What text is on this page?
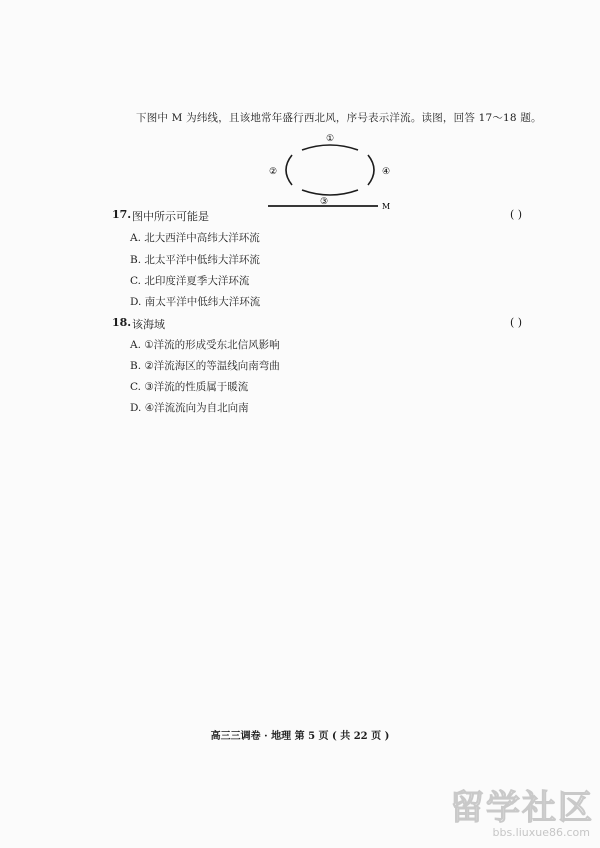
下图中 M 为纬线，且该地常年盛行西北风，序号表示洋流。读图，回答 17～18 题。
①
②
③
④
M
17. 图中所示可能是	( )
A. 北大西洋中高纬大洋环流
B. 北太平洋中低纬大洋环流
C. 北印度洋夏季大洋环流
D. 南太平洋中低纬大洋环流
18. 该海域	( )
A. ①洋流的形成受东北信风影响
B. ②洋流海区的等温线向南弯曲
C. ③洋流的性质属于暖流
D. ④洋流流向为自北向南
高三三调卷 · 地理 第 5 页 ( 共 22 页 )
留学社区
bbs.liuxue86.com
